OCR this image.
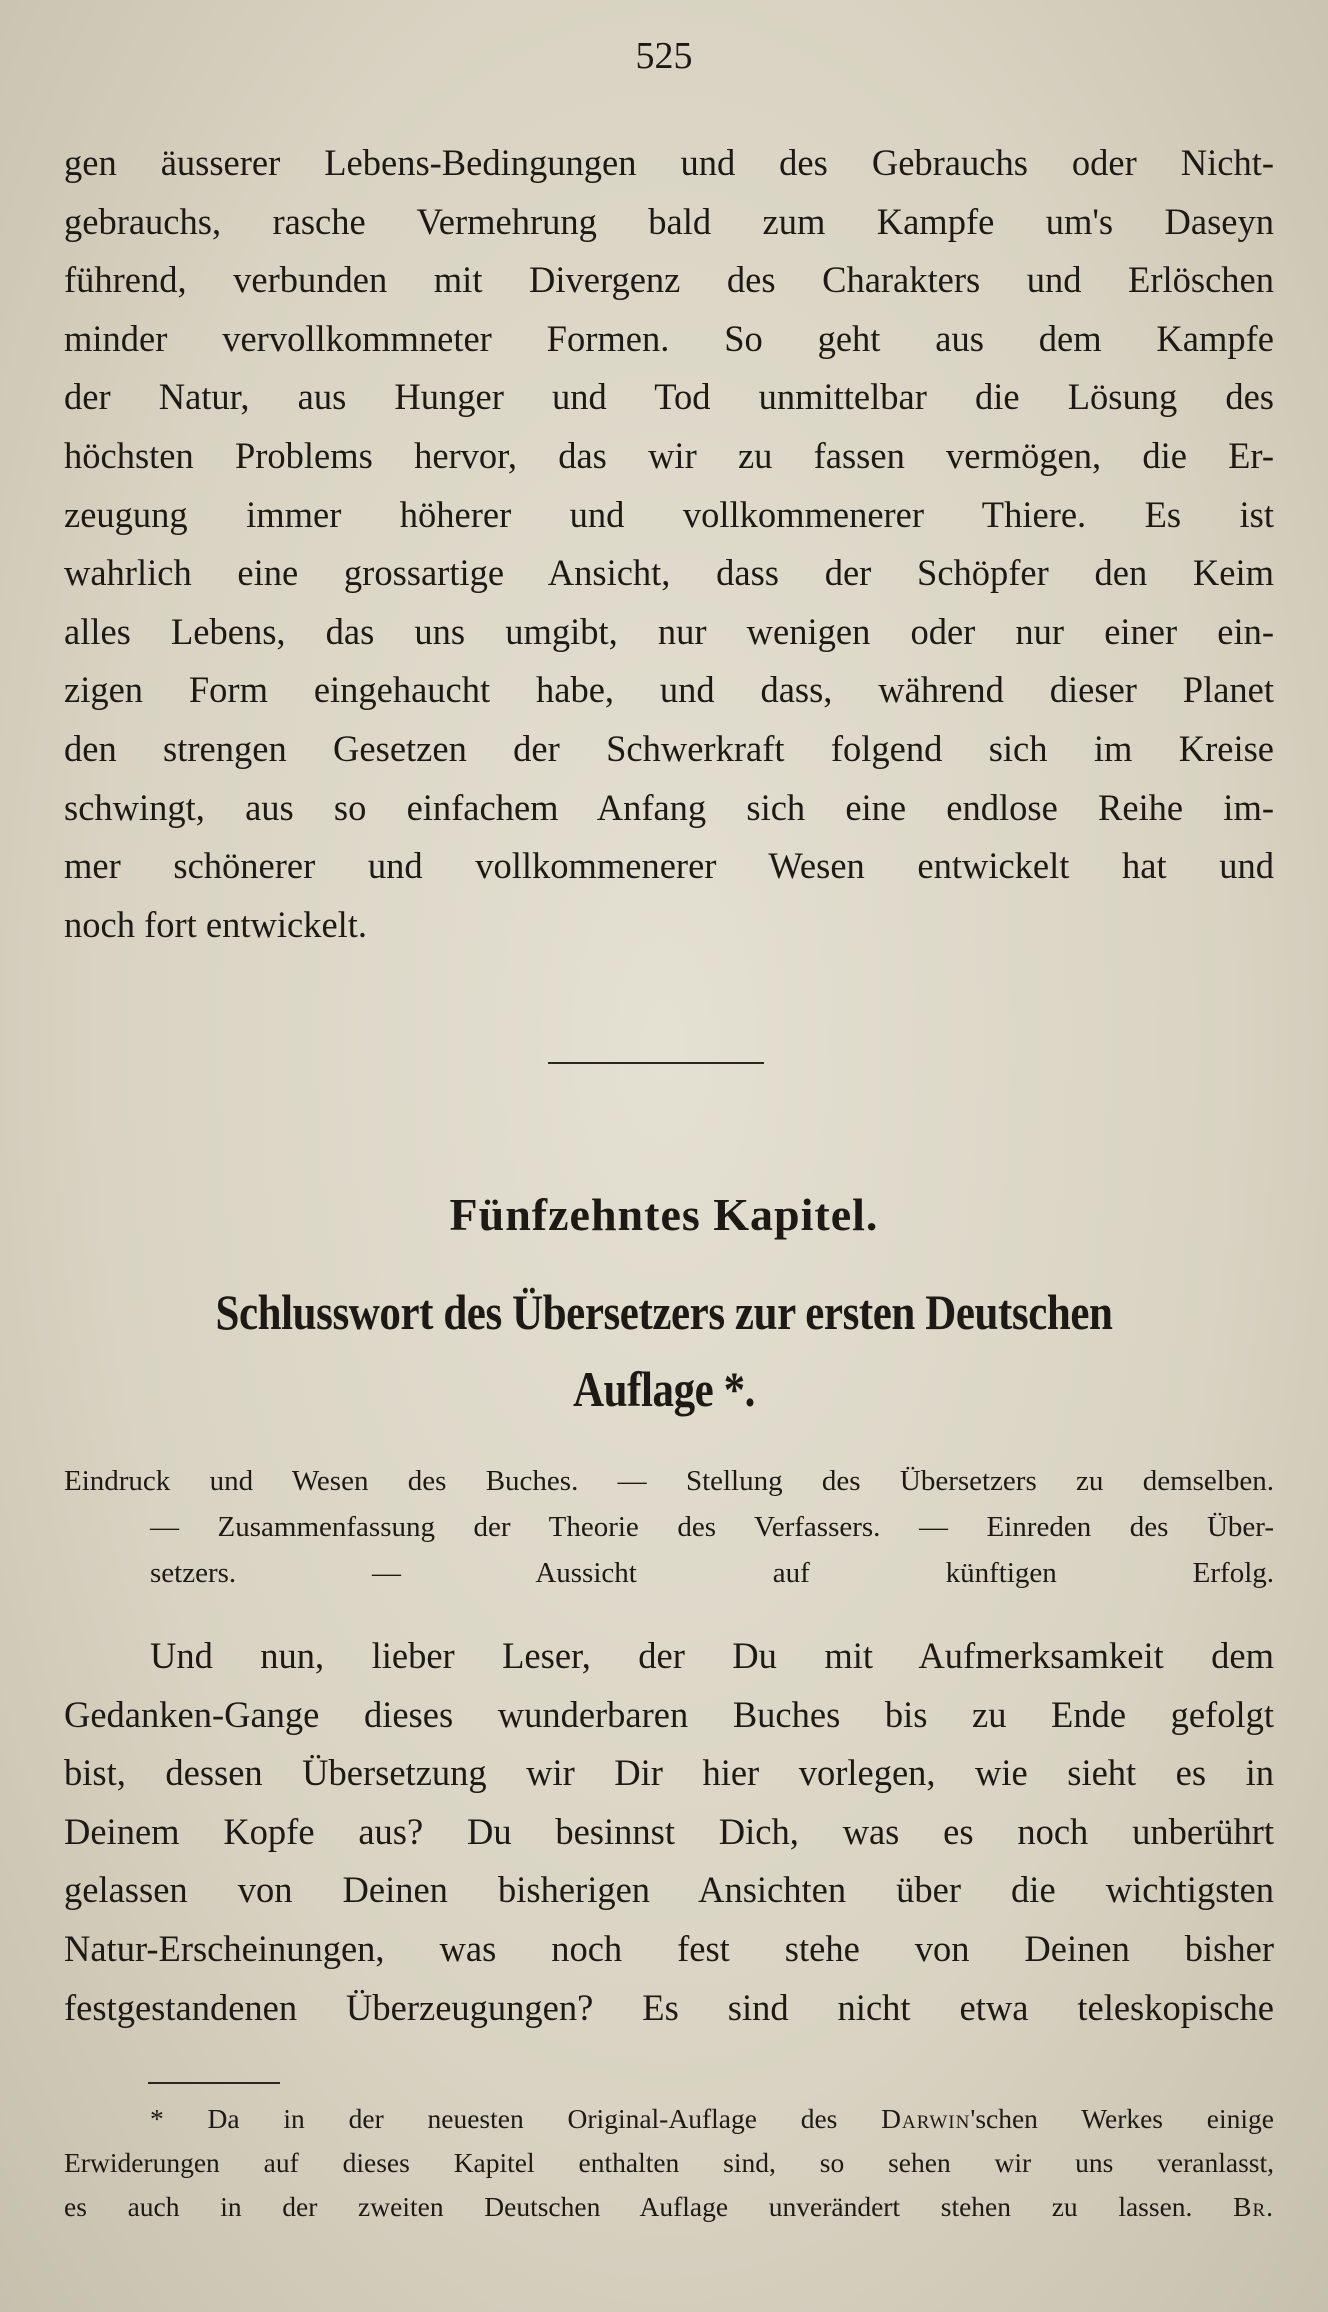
525
gen äusserer Lebens-Bedingungen und des Gebrauchs oder Nicht-
gebrauchs, rasche Vermehrung bald zum Kampfe um's Daseyn
führend, verbunden mit Divergenz des Charakters und Erlöschen
minder vervollkommneter Formen. So geht aus dem Kampfe
der Natur, aus Hunger und Tod unmittelbar die Lösung des
höchsten Problems hervor, das wir zu fassen vermögen, die Er-
zeugung immer höherer und vollkommenerer Thiere. Es ist
wahrlich eine grossartige Ansicht, dass der Schöpfer den Keim
alles Lebens, das uns umgibt, nur wenigen oder nur einer ein-
zigen Form eingehaucht habe, und dass, während dieser Planet
den strengen Gesetzen der Schwerkraft folgend sich im Kreise
schwingt, aus so einfachem Anfang sich eine endlose Reihe im-
mer schönerer und vollkommenerer Wesen entwickelt hat und
noch fort entwickelt.
Fünfzehntes Kapitel.
Schlusswort des Übersetzers zur ersten Deutschen
Auflage *.
Eindruck und Wesen des Buches. — Stellung des Übersetzers zu demselben.
— Zusammenfassung der Theorie des Verfassers. — Einreden des Über-
setzers. — Aussicht auf künftigen Erfolg.
Und nun, lieber Leser, der Du mit Aufmerksamkeit dem
Gedanken-Gange dieses wunderbaren Buches bis zu Ende gefolgt
bist, dessen Übersetzung wir Dir hier vorlegen, wie sieht es in
Deinem Kopfe aus? Du besinnst Dich, was es noch unberührt
gelassen von Deinen bisherigen Ansichten über die wichtigsten
Natur-Erscheinungen, was noch fest stehe von Deinen bisher
festgestandenen Überzeugungen? Es sind nicht etwa teleskopische
* Da in der neuesten Original-Auflage des Darwin'schen Werkes einige
Erwiderungen auf dieses Kapitel enthalten sind, so sehen wir uns veranlasst,
es auch in der zweiten Deutschen Auflage unverändert stehen zu lassen. Br.
